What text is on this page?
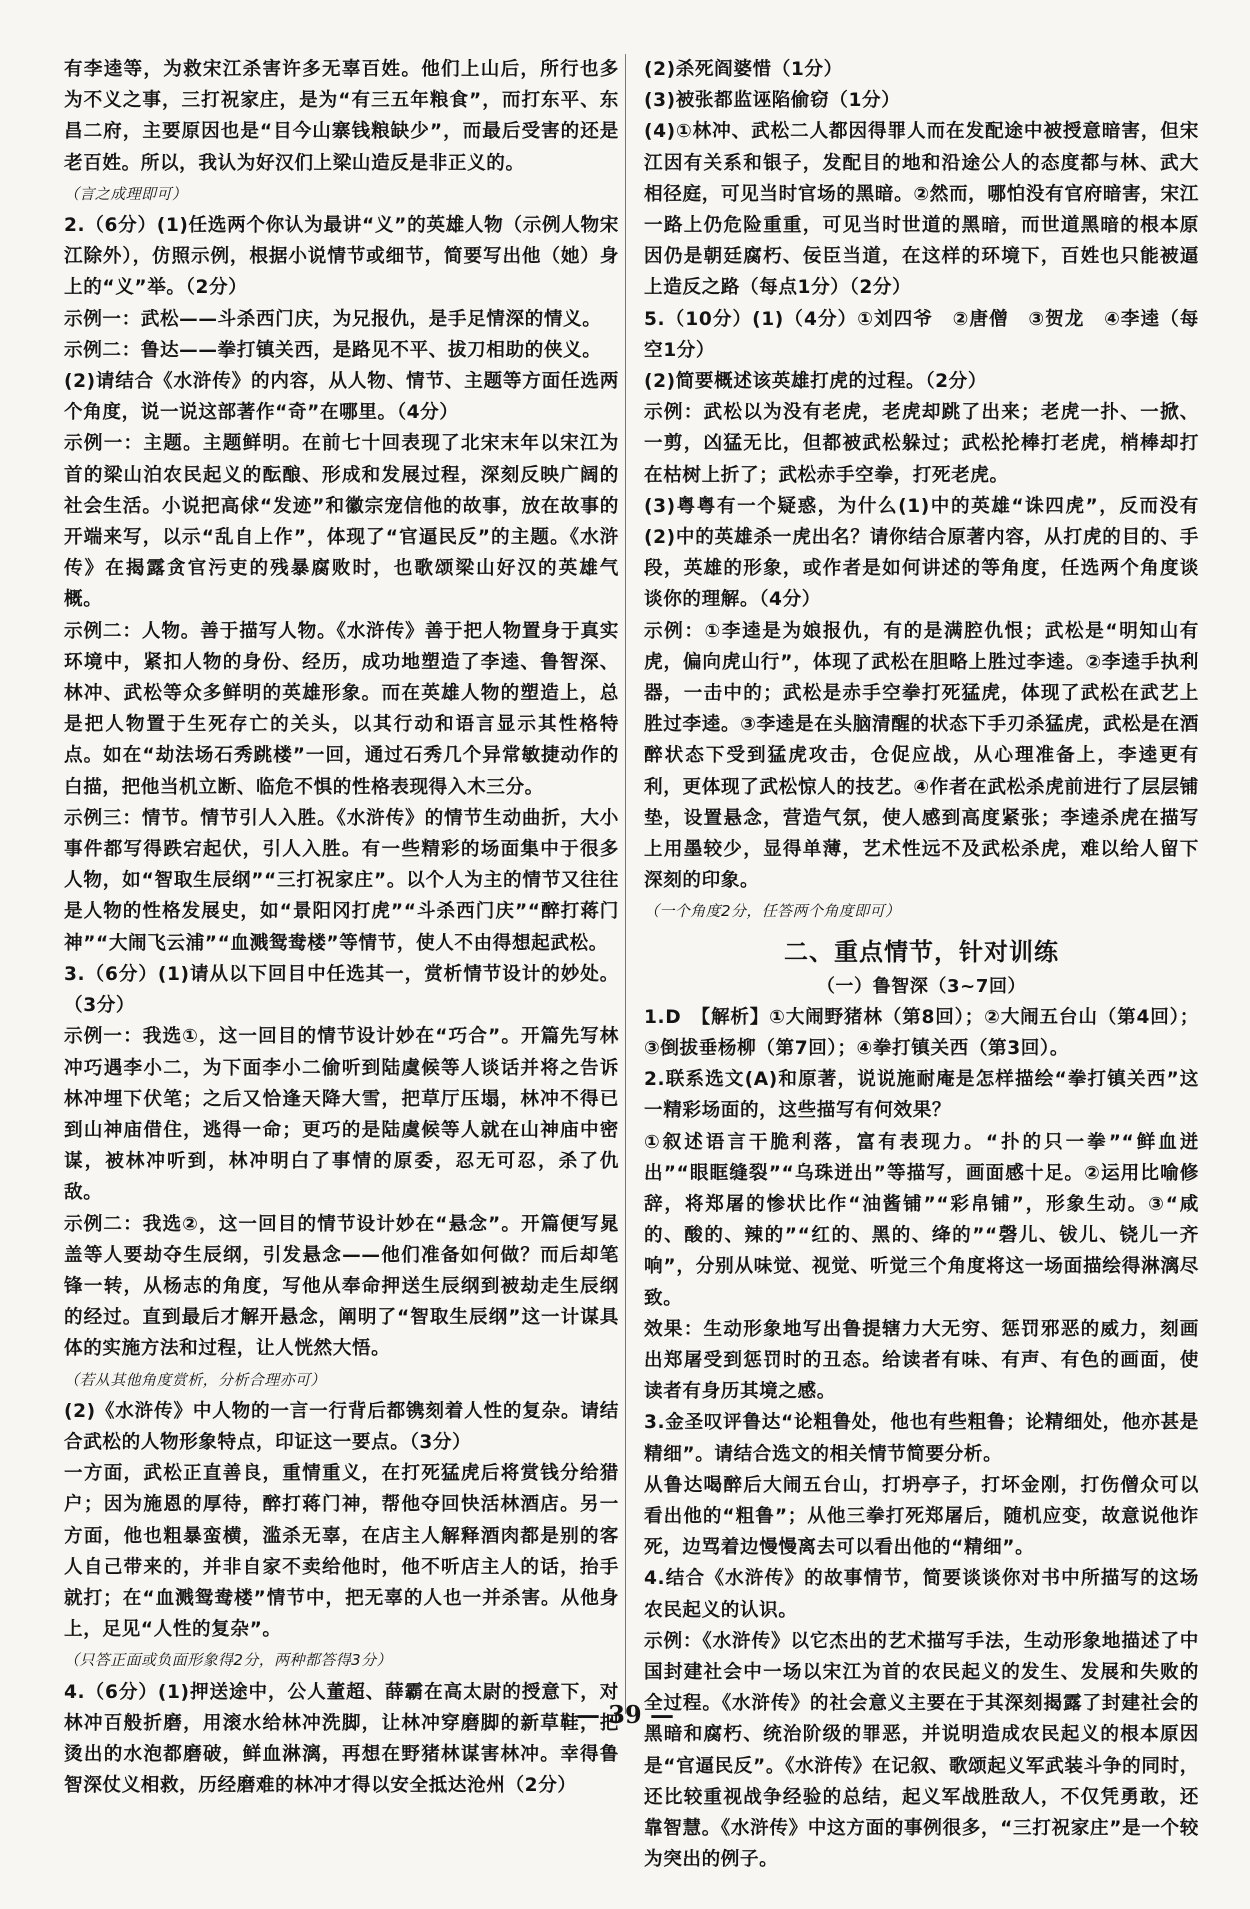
有李逵等，为救宋江杀害许多无辜百姓。他们上山后，所行也多为不义之事，三打祝家庄，是为“有三五年粮食”，而打东平、东昌二府，主要原因也是“目今山寨钱粮缺少”，而最后受害的还是老百姓。所以，我认为好汉们上梁山造反是非正义的。

（言之成理即可）

2.（6分）(1)任选两个你认为最讲“义”的英雄人物（示例人物宋江除外），仿照示例，根据小说情节或细节，简要写出他（她）身上的“义”举。（2分）

示例一：武松——斗杀西门庆，为兄报仇，是手足情深的情义。

示例二：鲁达——拳打镇关西，是路见不平、拔刀相助的侠义。

(2)请结合《水浒传》的内容，从人物、情节、主题等方面任选两个角度，说一说这部著作“奇”在哪里。（4分）

示例一：主题。主题鲜明。在前七十回表现了北宋末年以宋江为首的梁山泊农民起义的酝酿、形成和发展过程，深刻反映广阔的社会生活。小说把高俅“发迹”和徽宗宠信他的故事，放在故事的开端来写，以示“乱自上作”，体现了“官逼民反”的主题。《水浒传》在揭露贪官污吏的残暴腐败时，也歌颂梁山好汉的英雄气概。

示例二：人物。善于描写人物。《水浒传》善于把人物置身于真实环境中，紧扣人物的身份、经历，成功地塑造了李逵、鲁智深、林冲、武松等众多鲜明的英雄形象。而在英雄人物的塑造上，总是把人物置于生死存亡的关头，以其行动和语言显示其性格特点。如在“劫法场石秀跳楼”一回，通过石秀几个异常敏捷动作的白描，把他当机立断、临危不惧的性格表现得入木三分。

示例三：情节。情节引人入胜。《水浒传》的情节生动曲折，大小事件都写得跌宕起伏，引人入胜。有一些精彩的场面集中于很多人物，如“智取生辰纲”“三打祝家庄”。以个人为主的情节又往往是人物的性格发展史，如“景阳冈打虎”“斗杀西门庆”“醉打蒋门神”“大闹飞云浦”“血溅鸳鸯楼”等情节，使人不由得想起武松。

3.（6分）(1)请从以下回目中任选其一，赏析情节设计的妙处。（3分）

示例一：我选①，这一回目的情节设计妙在“巧合”。开篇先写林冲巧遇李小二，为下面李小二偷听到陆虞候等人谈话并将之告诉林冲埋下伏笔；之后又恰逢天降大雪，把草厅压塌，林冲不得已到山神庙借住，逃得一命；更巧的是陆虞候等人就在山神庙中密谋，被林冲听到，林冲明白了事情的原委，忍无可忍，杀了仇敌。

示例二：我选②，这一回目的情节设计妙在“悬念”。开篇便写晁盖等人要劫夺生辰纲，引发悬念——他们准备如何做？而后却笔锋一转，从杨志的角度，写他从奉命押送生辰纲到被劫走生辰纲的经过。直到最后才解开悬念，阐明了“智取生辰纲”这一计谋具体的实施方法和过程，让人恍然大悟。

（若从其他角度赏析，分析合理亦可）

(2)《水浒传》中人物的一言一行背后都镌刻着人性的复杂。请结合武松的人物形象特点，印证这一要点。（3分）

一方面，武松正直善良，重情重义，在打死猛虎后将赏钱分给猎户；因为施恩的厚待，醉打蒋门神，帮他夺回快活林酒店。另一方面，他也粗暴蛮横，滥杀无辜，在店主人解释酒肉都是别的客人自己带来的，并非自家不卖给他时，他不听店主人的话，抬手就打；在“血溅鸳鸯楼”情节中，把无辜的人也一并杀害。从他身上，足见“人性的复杂”。

（只答正面或负面形象得2分，两种都答得3分）

4.（6分）(1)押送途中，公人董超、薛霸在高太尉的授意下，对林冲百般折磨，用滚水给林冲洗脚，让林冲穿磨脚的新草鞋，把烫出的水泡都磨破，鲜血淋漓，再想在野猪林谋害林冲。幸得鲁智深仗义相救，历经磨难的林冲才得以安全抵达沧州（2分）

(2)杀死阎婆惜（1分）

(3)被张都监诬陷偷窃（1分）

(4)①林冲、武松二人都因得罪人而在发配途中被授意暗害，但宋江因有关系和银子，发配目的地和沿途公人的态度都与林、武大相径庭，可见当时官场的黑暗。②然而，哪怕没有官府暗害，宋江一路上仍危险重重，可见当时世道的黑暗，而世道黑暗的根本原因仍是朝廷腐朽、佞臣当道，在这样的环境下，百姓也只能被逼上造反之路（每点1分）（2分）

5.（10分）(1)（4分）①刘四爷　②唐僧　③贺龙　④李逵（每空1分）

(2)简要概述该英雄打虎的过程。（2分）

示例：武松以为没有老虎，老虎却跳了出来；老虎一扑、一掀、一剪，凶猛无比，但都被武松躲过；武松抡棒打老虎，梢棒却打在枯树上折了；武松赤手空拳，打死老虎。

(3)粤粤有一个疑惑，为什么(1)中的英雄“诛四虎”，反而没有(2)中的英雄杀一虎出名？请你结合原著内容，从打虎的目的、手段，英雄的形象，或作者是如何讲述的等角度，任选两个角度谈谈你的理解。（4分）

示例：①李逵是为娘报仇，有的是满腔仇恨；武松是“明知山有虎，偏向虎山行”，体现了武松在胆略上胜过李逵。②李逵手执利器，一击中的；武松是赤手空拳打死猛虎，体现了武松在武艺上胜过李逵。③李逵是在头脑清醒的状态下手刃杀猛虎，武松是在酒醉状态下受到猛虎攻击，仓促应战，从心理准备上，李逵更有利，更体现了武松惊人的技艺。④作者在武松杀虎前进行了层层铺垫，设置悬念，营造气氛，使人感到高度紧张；李逵杀虎在描写上用墨较少，显得单薄，艺术性远不及武松杀虎，难以给人留下深刻的印象。

（一个角度2分，任答两个角度即可）

二、重点情节，针对训练
（一）鲁智深（3~7回）

1.D　【解析】①大闹野猪林（第8回）；②大闹五台山（第4回）；③倒拔垂杨柳（第7回）；④拳打镇关西（第3回）。

2.联系选文(A)和原著，说说施耐庵是怎样描绘“拳打镇关西”这一精彩场面的，这些描写有何效果？

①叙述语言干脆利落，富有表现力。“扑的只一拳”“鲜血迸出”“眼眶缝裂”“乌珠迸出”等描写，画面感十足。②运用比喻修辞，将郑屠的惨状比作“油酱铺”“彩帛铺”，形象生动。③“咸的、酸的、辣的”“红的、黑的、绛的”“磬儿、钹儿、铙儿一齐响”，分别从味觉、视觉、听觉三个角度将这一场面描绘得淋漓尽致。

效果：生动形象地写出鲁提辖力大无穷、惩罚邪恶的威力，刻画出郑屠受到惩罚时的丑态。给读者有味、有声、有色的画面，使读者有身历其境之感。

3.金圣叹评鲁达“论粗鲁处，他也有些粗鲁；论精细处，他亦甚是精细”。请结合选文的相关情节简要分析。

从鲁达喝醉后大闹五台山，打坍亭子，打坏金刚，打伤僧众可以看出他的“粗鲁”；从他三拳打死郑屠后，随机应变，故意说他诈死，边骂着边慢慢离去可以看出他的“精细”。

4.结合《水浒传》的故事情节，简要谈谈你对书中所描写的这场农民起义的认识。

示例：《水浒传》以它杰出的艺术描写手法，生动形象地描述了中国封建社会中一场以宋江为首的农民起义的发生、发展和失败的全过程。《水浒传》的社会意义主要在于其深刻揭露了封建社会的黑暗和腐朽、统治阶级的罪恶，并说明造成农民起义的根本原因是“官逼民反”。《水浒传》在记叙、歌颂起义军武装斗争的同时，还比较重视战争经验的总结，起义军战胜敌人，不仅凭勇敢，还靠智慧。《水浒传》中这方面的事例很多，“三打祝家庄”是一个较为突出的例子。

— 39 —
